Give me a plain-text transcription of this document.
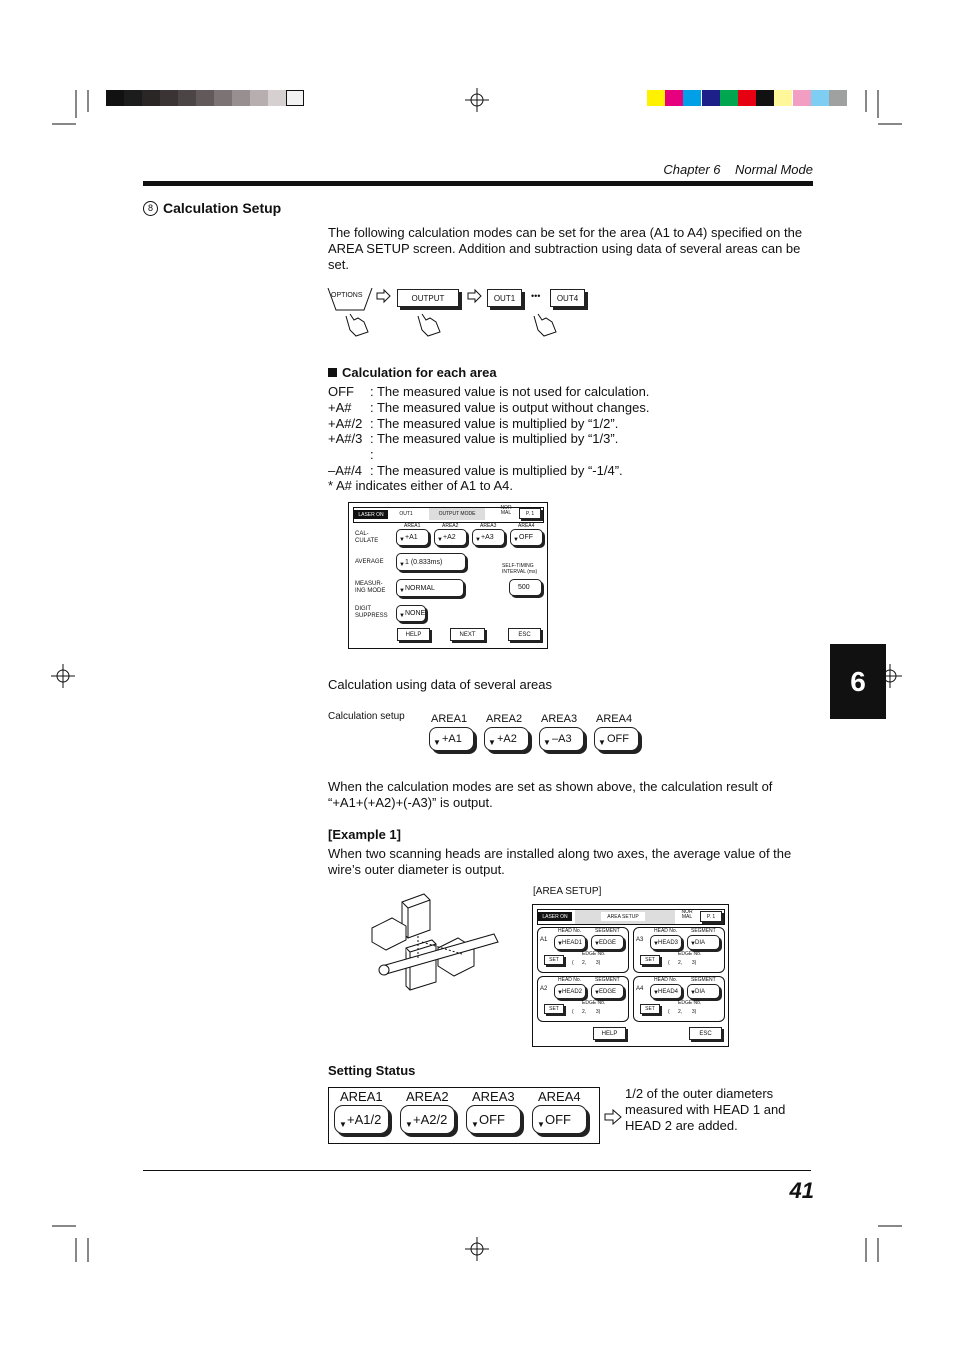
Chapter 6 Normal Mode
6
8 Calculation Setup
The following calculation modes can be set for the area (A1 to A4) specified on the AREA SETUP screen. Addition and subtraction using data of several areas can be set.
OPTIONS	OUTPUT	OUT1	•••	OUT4
Calculation for each area
OFF : The measured value is not used for calculation.
+A# : The measured value is output without changes.
+A#/2 : The measured value is multiplied by “1/2”.
+A#/3 : The measured value is multiplied by “1/3”.
:
–A#/4 : The measured value is multiplied by “-1/4”.
* A# indicates either of A1 to A4.
LASER ON	OUT1	OUTPUT MODE
NOR
MAL	P. 1
AREA1	AREA2	AREA3	AREA4
CAL-
CULATE	▼ +A1	▼ +A2	▼ +A3	▼ OFF
AVERAGE	▼ 1 (0.833ms)
SELF-TIMING
INTERVAL (ms)
500
MEASUR-
ING MODE ▼ NORMAL
DIGIT
SUPPRESS ▼ NONE
HELP	NEXT	ESC
Calculation using data of several areas
Calculation setup AREA1
▼ +A1
AREA2
▼ +A2
AREA3
▼ –A3
AREA4
▼ OFF
When the calculation modes are set as shown above, the calculation result of “+A1+(+A2)+(-A3)” is output.
[Example 1]
When two scanning heads are installed along two axes, the average value of the wire’s outer diameter is output.
[AREA SETUP]
LASER ON	AREA SETUP
NOR
MAL	P. 1
HEAD No.	SEGMENT
A1
▼ HEAD1 ▼ EDGE
EDGE No.
SET	(      2,       3)
HEAD No.	SEGMENT
A3
▼ HEAD3 ▼ DIA
EDGE No.
SET	(      2,       3)
HEAD No.	SEGMENT
A2
▼ HEAD2 ▼ EDGE
EDGE No.
SET	(      2,       3)
HEAD No.	SEGMENT
A4
▼ HEAD4 ▼ DIA
EDGE No.
SET	(      2,       3)
HELP	ESC
Setting Status
AREA1
▼ +A1/2
AREA2
▼ +A2/2
AREA3
▼ OFF
AREA4
▼ OFF
1/2 of the outer diameters measured with HEAD 1 and HEAD 2 are added.
41
